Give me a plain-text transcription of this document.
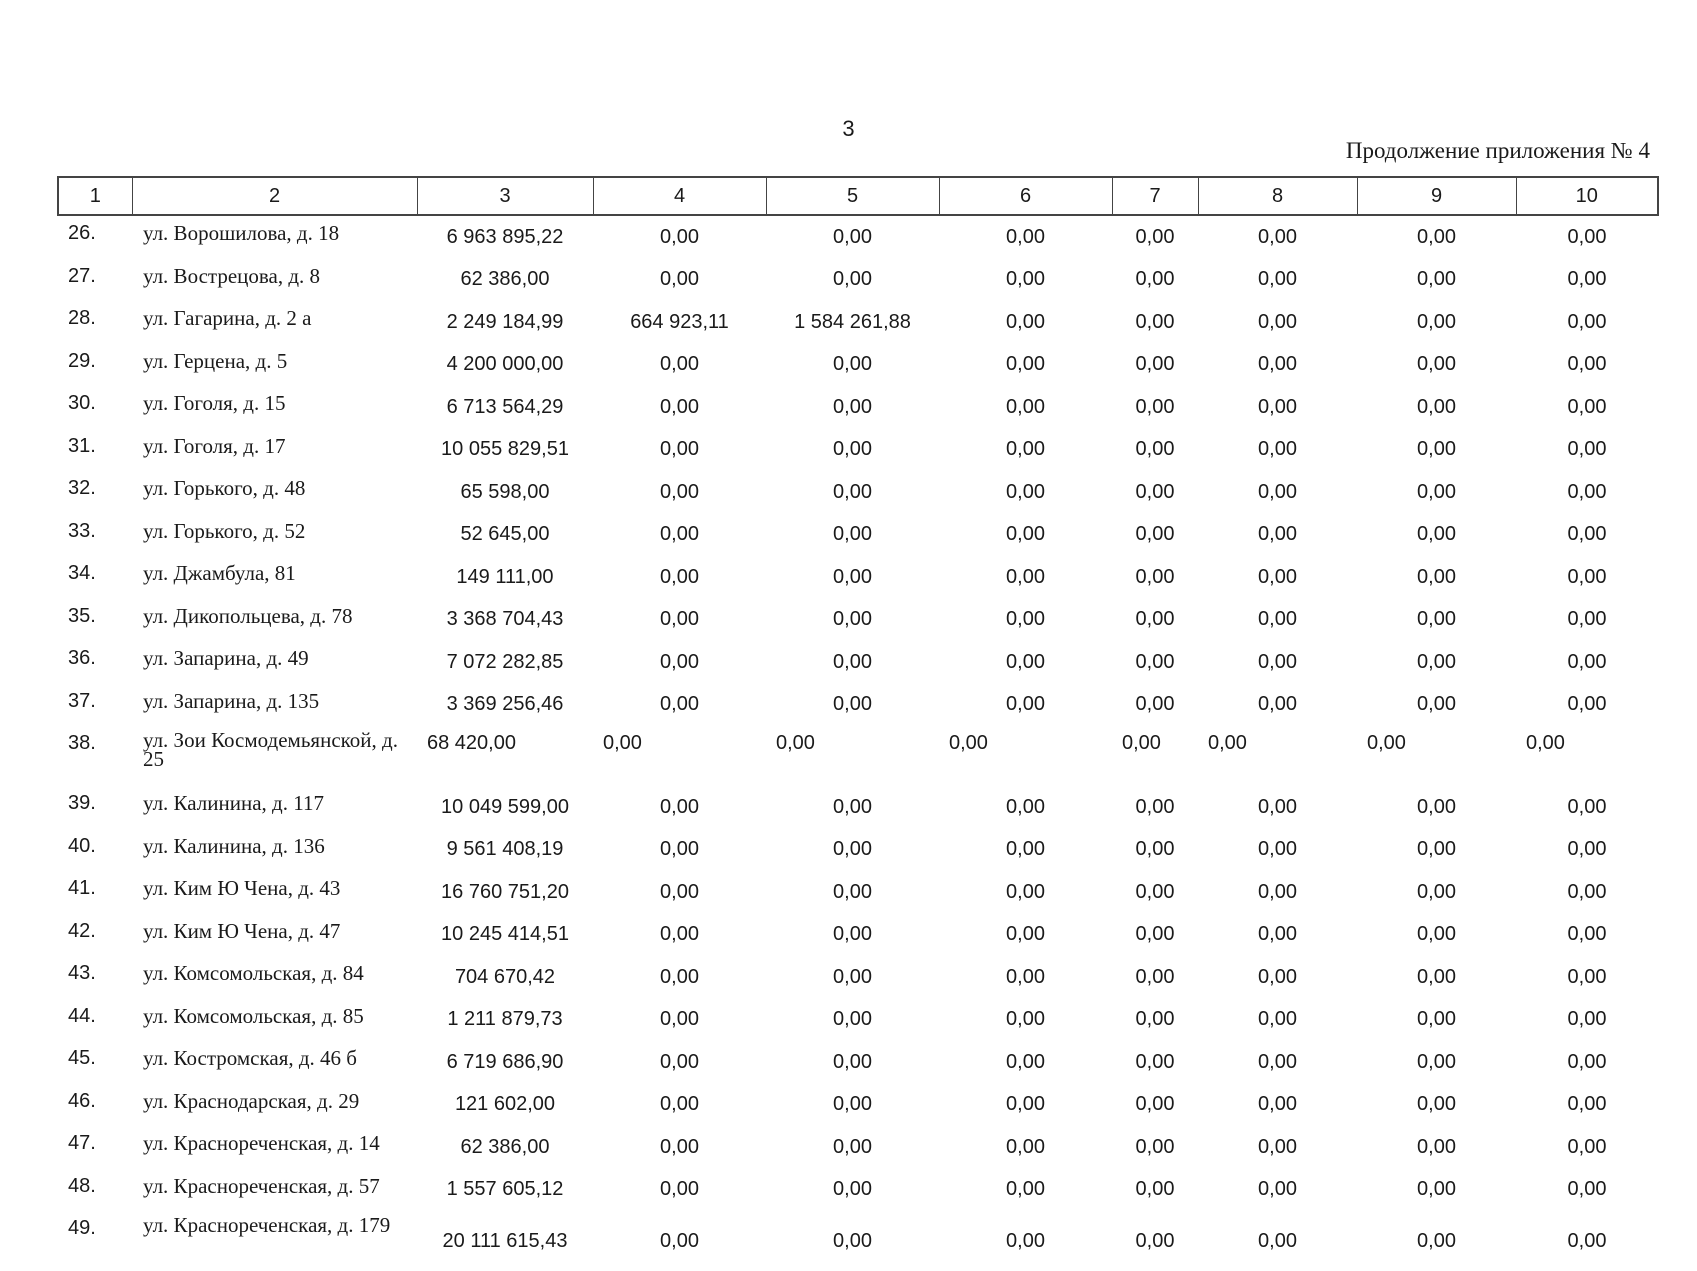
3
Продолжение приложения № 4
1	2	3	4	5	6	7	8	9	10
26.	ул. Ворошилова, д. 18	6 963 895,22	0,00	0,00	0,00	0,00	0,00	0,00	0,00
27.	ул. Вострецова, д. 8	62 386,00	0,00	0,00	0,00	0,00	0,00	0,00	0,00
28.	ул. Гагарина, д. 2 а	2 249 184,99	664 923,11	1 584 261,88	0,00	0,00	0,00	0,00	0,00
29.	ул. Герцена, д. 5	4 200 000,00	0,00	0,00	0,00	0,00	0,00	0,00	0,00
30.	ул. Гоголя, д. 15	6 713 564,29	0,00	0,00	0,00	0,00	0,00	0,00	0,00
31.	ул. Гоголя, д. 17	10 055 829,51	0,00	0,00	0,00	0,00	0,00	0,00	0,00
32.	ул. Горького, д. 48	65 598,00	0,00	0,00	0,00	0,00	0,00	0,00	0,00
33.	ул. Горького, д. 52	52 645,00	0,00	0,00	0,00	0,00	0,00	0,00	0,00
34.	ул. Джамбула, 81	149 111,00	0,00	0,00	0,00	0,00	0,00	0,00	0,00
35.	ул. Дикопольцева, д. 78	3 368 704,43	0,00	0,00	0,00	0,00	0,00	0,00	0,00
36.	ул. Запарина, д. 49	7 072 282,85	0,00	0,00	0,00	0,00	0,00	0,00	0,00
37.	ул. Запарина, д. 135	3 369 256,46	0,00	0,00	0,00	0,00	0,00	0,00	0,00
38.	ул. Зои Космодемьянской, д. 25	68 420,00	0,00	0,00	0,00	0,00	0,00	0,00	0,00
39.	ул. Калинина, д. 117	10 049 599,00	0,00	0,00	0,00	0,00	0,00	0,00	0,00
40.	ул. Калинина, д. 136	9 561 408,19	0,00	0,00	0,00	0,00	0,00	0,00	0,00
41.	ул. Ким Ю Чена, д. 43	16 760 751,20	0,00	0,00	0,00	0,00	0,00	0,00	0,00
42.	ул. Ким Ю Чена, д. 47	10 245 414,51	0,00	0,00	0,00	0,00	0,00	0,00	0,00
43.	ул. Комсомольская, д. 84	704 670,42	0,00	0,00	0,00	0,00	0,00	0,00	0,00
44.	ул. Комсомольская, д. 85	1 211 879,73	0,00	0,00	0,00	0,00	0,00	0,00	0,00
45.	ул. Костромская, д. 46 б	6 719 686,90	0,00	0,00	0,00	0,00	0,00	0,00	0,00
46.	ул. Краснодарская, д. 29	121 602,00	0,00	0,00	0,00	0,00	0,00	0,00	0,00
47.	ул. Краснореченская, д. 14	62 386,00	0,00	0,00	0,00	0,00	0,00	0,00	0,00
48.	ул. Краснореченская, д. 57	1 557 605,12	0,00	0,00	0,00	0,00	0,00	0,00	0,00
49.	ул. Краснореченская, д. 179	20 111 615,43	0,00	0,00	0,00	0,00	0,00	0,00	0,00
